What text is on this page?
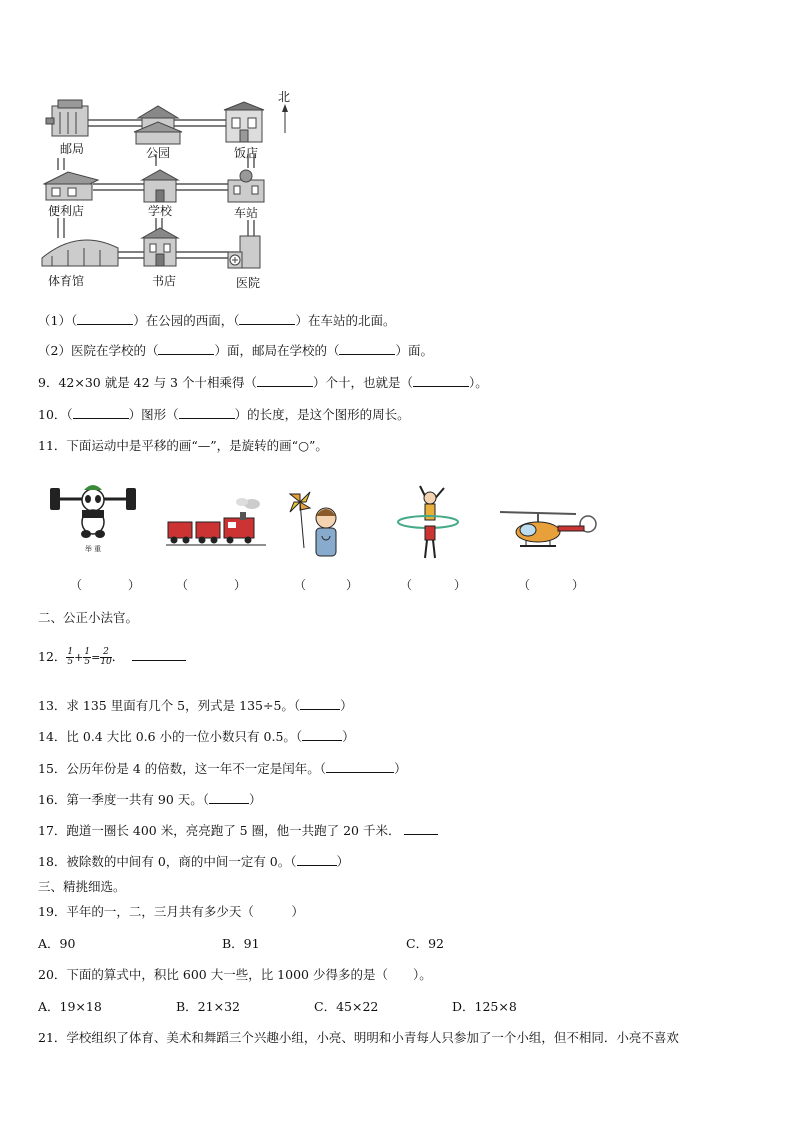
北
邮局	公园	饭店
便利店	学校	车站
体育馆	书店	医院
（1）（	）在公园的西面，（	）在车站的北面。
（2）医院在学校的（	）面，邮局在学校的（	）面。
9．42×30 就是 42 与 3 个十相乘得（	）个十，也就是（	）。
10．（	）图形（	）的长度，是这个图形的周长。
11．下面运动中是平移的画“—”，是旋转的画“○”。
举 重
（	）	（	）	（	）	（	）	（	）
二、公正小法官。
12． $\frac{1}{5} + \frac{1}{5} = \frac{2}{10}$ ．
13．求 135 里面有几个 5，列式是 135÷5。（	）
14．比 0.4 大比 0.6 小的一位小数只有 0.5。（	）
15．公历年份是 4 的倍数，这一年不一定是闰年。（	）
16．第一季度一共有 90 天。（	）
17．跑道一圈长 400 米，亮亮跑了 5 圈，他一共跑了 20 千米．
18．被除数的中间有 0，商的中间一定有 0。（	）
三、精挑细选。
19．平年的一，二，三月共有多少天（　　　）
A．90	B．91	C．92
20．下面的算式中，积比 600 大一些，比 1000 少得多的是（　　）。
A．19×18	B．21×32	C．45×22	D．125×8
21．学校组织了体育、美术和舞蹈三个兴趣小组，小亮、明明和小青每人只参加了一个小组，但不相同．小亮不喜欢
